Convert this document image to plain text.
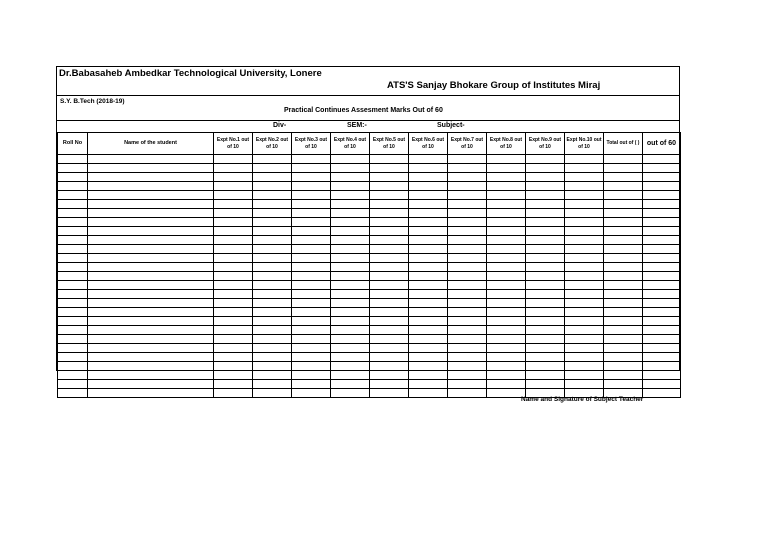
Dr.Babasaheb Ambedkar Technological University, Lonere
ATS'S Sanjay Bhokare Group of Institutes Miraj
S.Y. B.Tech (2018-19)
Practical Continues Assesment Marks Out of 60
Div-	SEM:-	Subject-
Roll No	Name of the student	Expt No.1 out of 10	Expt No.2 out of 10	Expt No.3 out of 10	Expt No.4 out of 10	Expt No.5 out of 10	Expt No.6 out of 10	Expt No.7 out of 10	Expt No.8 out of 10	Expt No.9 out of 10	Expt No.10 out of 10	Total out of ( )	out of 60

Name and Signature of Subject Teacher
